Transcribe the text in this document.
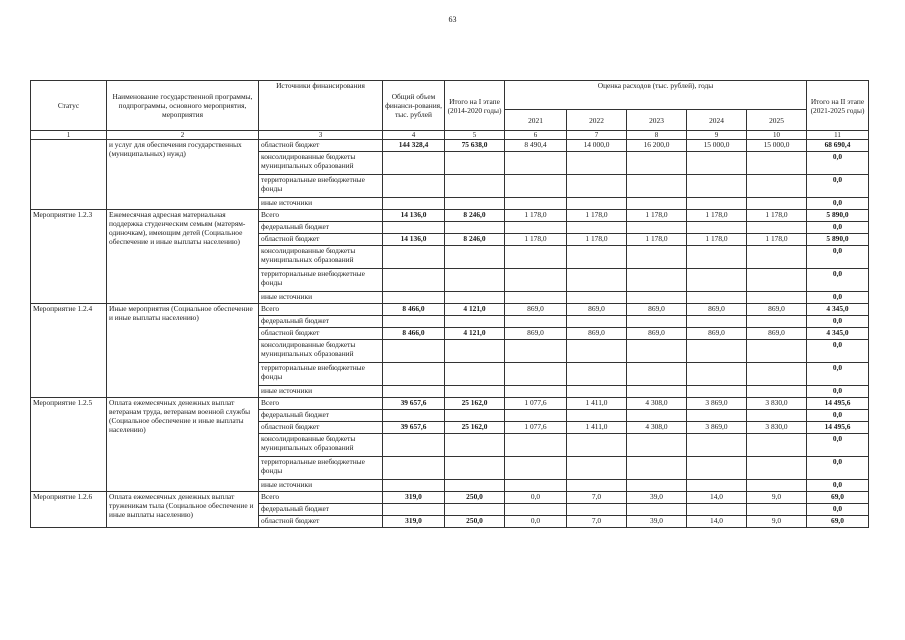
63
Статус	Наименование государственной программы, подпрограммы, основного мероприятия, мероприятия	Источники финансирования	Общий объем финанси-рования, тыс. рублей	Итого на I этапе (2014-2020 годы)	Оценка расходов (тыс. рублей), годы					Итого на II этапе (2021-2025 годы)
					2021	2022	2023	2024	2025	
1	2	3	4	5	6	7	8	9	10	11
	и услуг для обеспечения государственных (муниципальных) нужд)	областной бюджет	144 328,4	75 638,0	8 490,4	14 000,0	16 200,0	15 000,0	15 000,0	68 690,4
		консолидированные бюджеты муниципальных образований								0,0
		территориальные внебюджетные фонды								0,0
		иные источники								0,0
Мероприятие 1.2.3	Ежемесячная адресная материальная поддержка студенческим семьям (матерям-одиночкам), имеющим детей (Социальное обеспечение и иные выплаты населению)	Всего	14 136,0	8 246,0	1 178,0	1 178,0	1 178,0	1 178,0	1 178,0	5 890,0
		федеральный бюджет								0,0
		областной бюджет	14 136,0	8 246,0	1 178,0	1 178,0	1 178,0	1 178,0	1 178,0	5 890,0
		консолидированные бюджеты муниципальных образований								0,0
		территориальные внебюджетные фонды								0,0
		иные источники								0,0
Мероприятие 1.2.4	Иные мероприятия (Социальное обеспечение и иные выплаты населению)	Всего	8 466,0	4 121,0	869,0	869,0	869,0	869,0	869,0	4 345,0
		федеральный бюджет								0,0
		областной бюджет	8 466,0	4 121,0	869,0	869,0	869,0	869,0	869,0	4 345,0
		консолидированные бюджеты муниципальных образований								0,0
		территориальные внебюджетные фонды								0,0
		иные источники								0,0
Мероприятие 1.2.5	Оплата ежемесячных денежных выплат ветеранам труда, ветеранам военной службы (Социальное обеспечение и иные выплаты населению)	Всего	39 657,6	25 162,0	1 077,6	1 411,0	4 308,0	3 869,0	3 830,0	14 495,6
		федеральный бюджет								0,0
		областной бюджет	39 657,6	25 162,0	1 077,6	1 411,0	4 308,0	3 869,0	3 830,0	14 495,6
		консолидированные бюджеты муниципальных образований								0,0
		территориальные внебюджетные фонды								0,0
		иные источники								0,0
Мероприятие 1.2.6	Оплата ежемесячных денежных выплат труженикам тыла (Социальное обеспечение и иные выплаты населению)	Всего	319,0	250,0	0,0	7,0	39,0	14,0	9,0	69,0
		федеральный бюджет								0,0
		областной бюджет	319,0	250,0	0,0	7,0	39,0	14,0	9,0	69,0
